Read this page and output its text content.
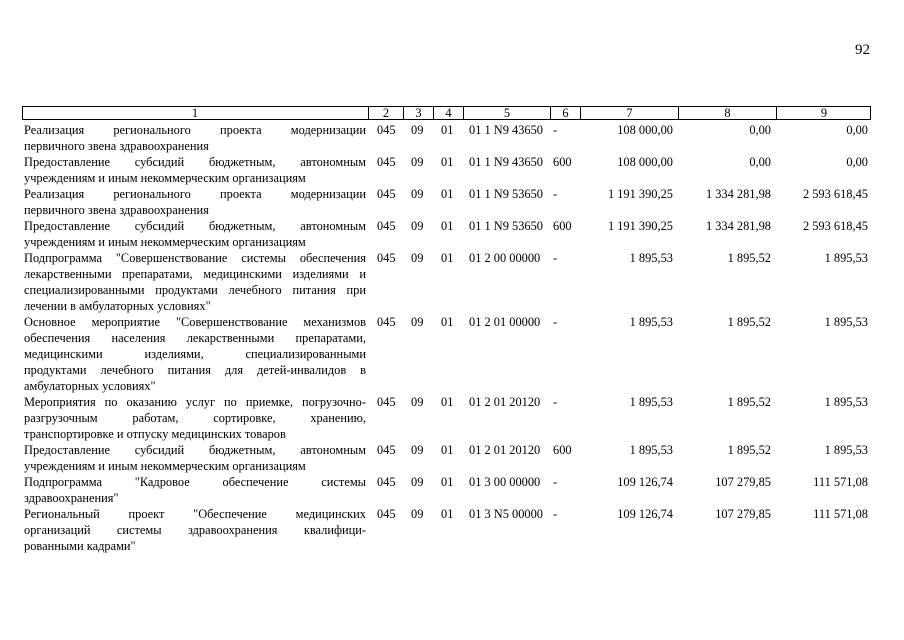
92
1	2	3	4	5	6	7	8	9
Реализация регионального проекта модернизации
первичного звена здравоохранения
045 09 01 01 1 N9 43650 -	108 000,00	0,00	0,00
Предоставление субсидий бюджетным, автономным
учреждениям и иным некоммерческим организациям
045 09 01 01 1 N9 43650 600	108 000,00	0,00	0,00
Реализация регионального проекта модернизации
первичного звена здравоохранения
045 09 01 01 1 N9 53650 -	1 191 390,25	1 334 281,98	2 593 618,45
Предоставление субсидий бюджетным, автономным
учреждениям и иным некоммерческим организациям
045 09 01 01 1 N9 53650 600	1 191 390,25	1 334 281,98	2 593 618,45
Подпрограмма "Совершенствование системы обеспечения
лекарственными препаратами, медицинскими изделиями и
специализированными продуктами лечебного питания при
лечении в амбулаторных условиях"
045 09 01 01 2 00 00000 -	1 895,53	1 895,52	1 895,53
Основное мероприятие "Совершенствование механизмов
обеспечения населения лекарственными препаратами,
медицинскими изделиями, специализированными
продуктами лечебного питания для детей-инвалидов в
амбулаторных условиях"
045 09 01 01 2 01 00000 -	1 895,53	1 895,52	1 895,53
Мероприятия по оказанию услуг по приемке, погрузочно-
разгрузочным работам, сортировке, хранению,
транспортировке и отпуску медицинских товаров
045 09 01 01 2 01 20120 -	1 895,53	1 895,52	1 895,53
Предоставление субсидий бюджетным, автономным
учреждениям и иным некоммерческим организациям
045 09 01 01 2 01 20120 600	1 895,53	1 895,52	1 895,53
Подпрограмма "Кадровое обеспечение системы
здравоохранения"
045 09 01 01 3 00 00000 -	109 126,74	107 279,85	111 571,08
Региональный проект "Обеспечение медицинских
организаций системы здравоохранения квалифици-
рованными кадрами"
045 09 01 01 3 N5 00000 -	109 126,74	107 279,85	111 571,08
